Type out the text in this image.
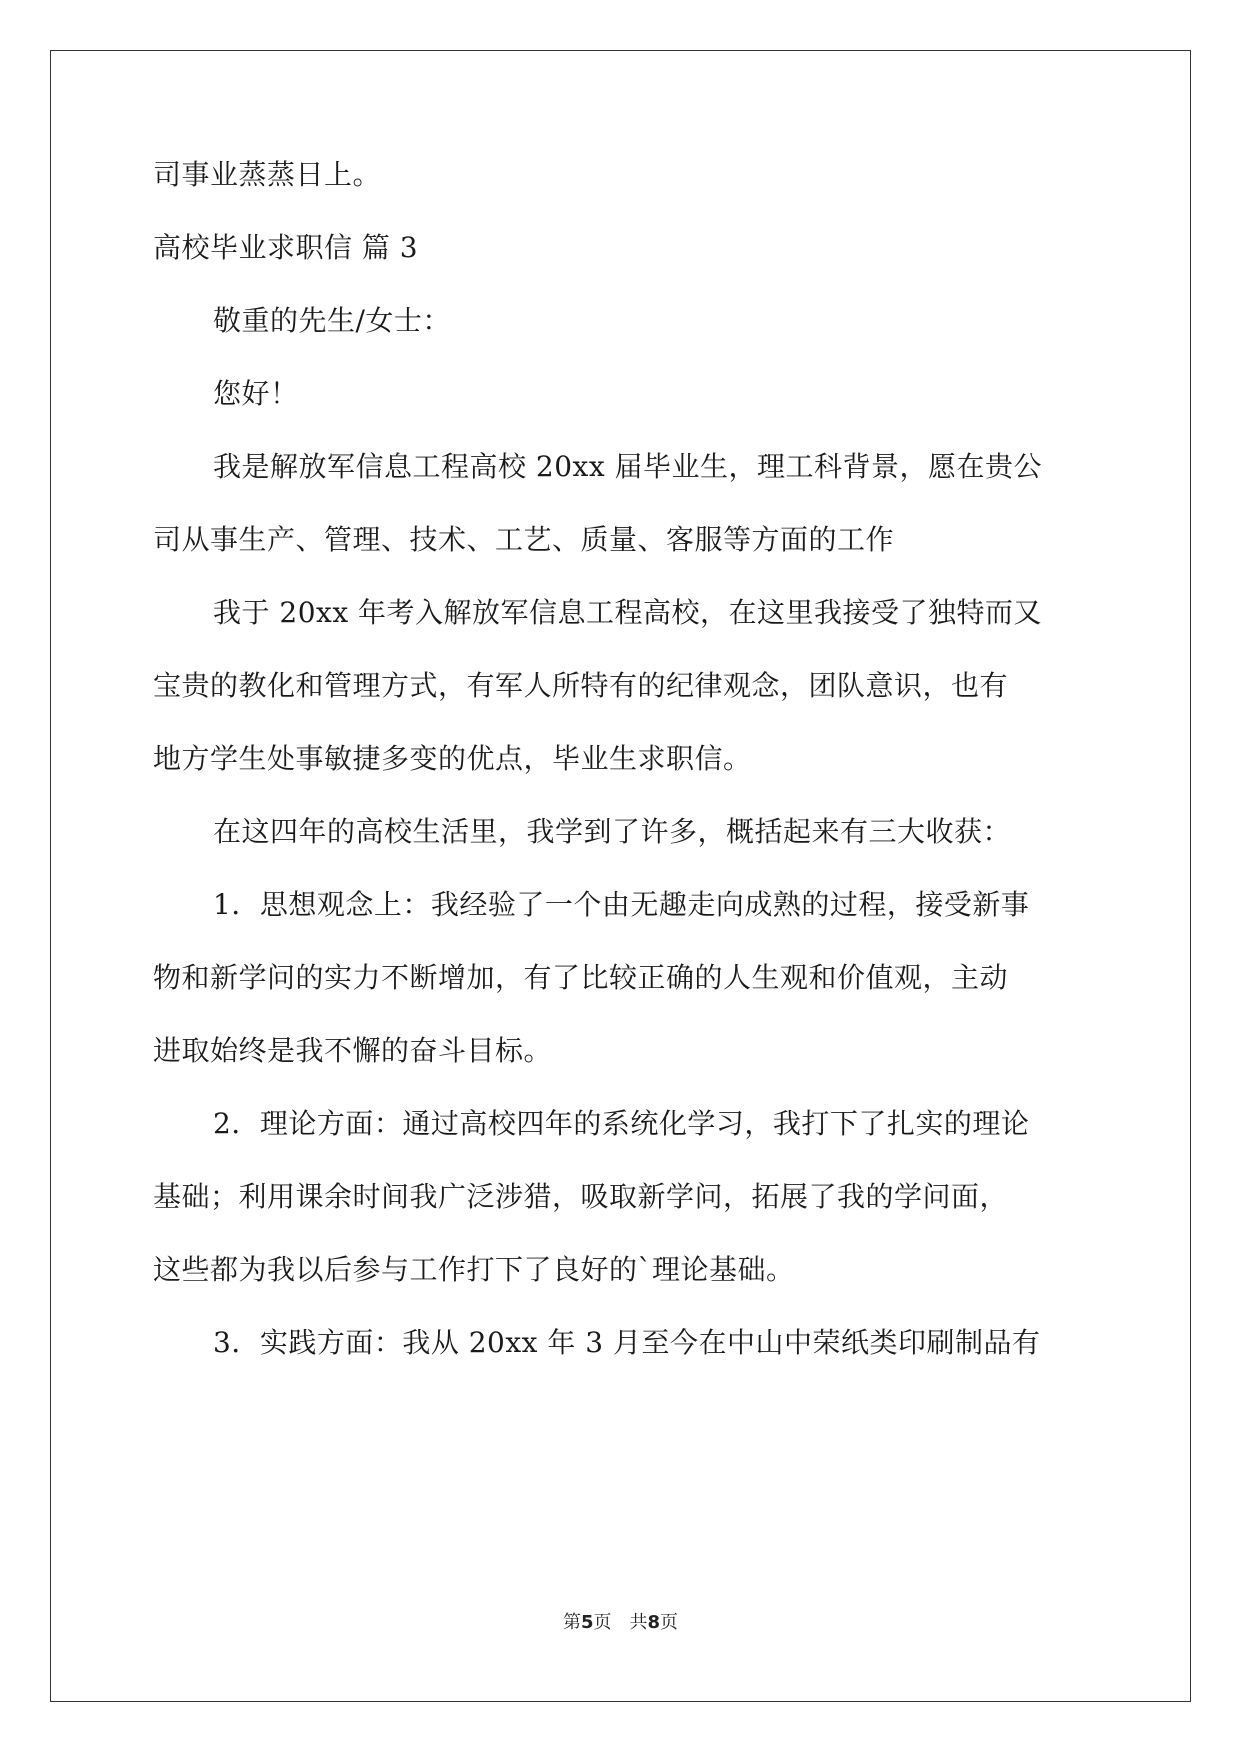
司事业蒸蒸日上。
高校毕业求职信 篇 3
敬重的先生/女士：
您好！
我是解放军信息工程高校 20xx 届毕业生，理工科背景，愿在贵公
司从事生产、管理、技术、工艺、质量、客服等方面的工作
我于 20xx 年考入解放军信息工程高校，在这里我接受了独特而又
宝贵的教化和管理方式，有军人所特有的纪律观念，团队意识，也有
地方学生处事敏捷多变的优点，毕业生求职信。
在这四年的高校生活里，我学到了许多，概括起来有三大收获：
1．思想观念上：我经验了一个由无趣走向成熟的过程，接受新事
物和新学问的实力不断增加，有了比较正确的人生观和价值观，主动
进取始终是我不懈的奋斗目标。
2．理论方面：通过高校四年的系统化学习，我打下了扎实的理论
基础；利用课余时间我广泛涉猎，吸取新学问，拓展了我的学问面，
这些都为我以后参与工作打下了良好的`理论基础。
3．实践方面：我从 20xx 年 3 月至今在中山中荣纸类印刷制品有
第5页　共8页
